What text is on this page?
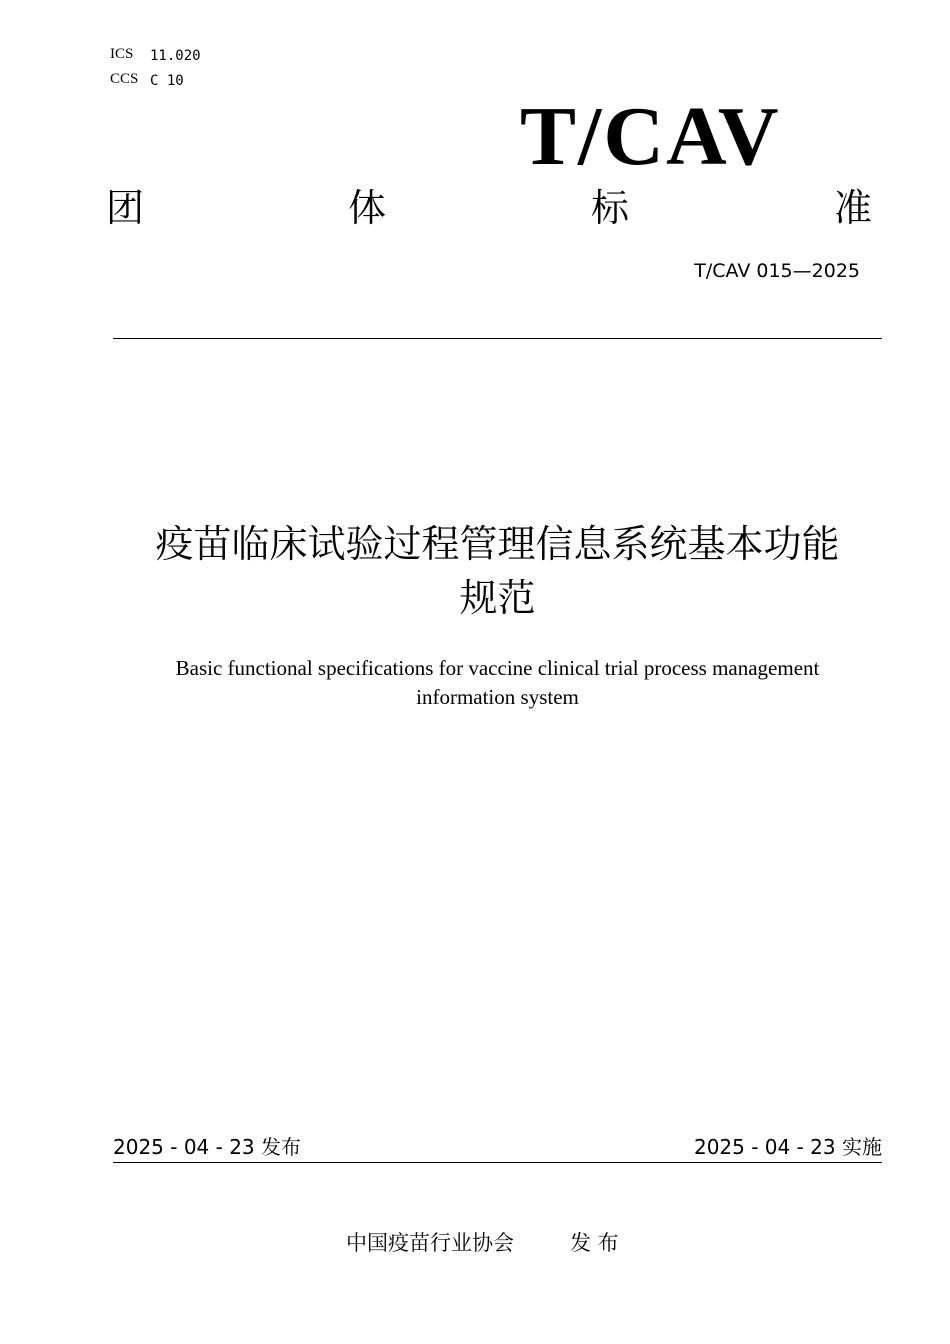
ICS 11.020
CCS C 10
T/CAV
团	体	标	准
T/CAV 015—2025
疫苗临床试验过程管理信息系统基本功能
规范
Basic functional specifications for vaccine clinical trial process management
information system
2025 - 04 - 23 发布	2025 - 04 - 23 实施
中国疫苗行业协会	发 布
